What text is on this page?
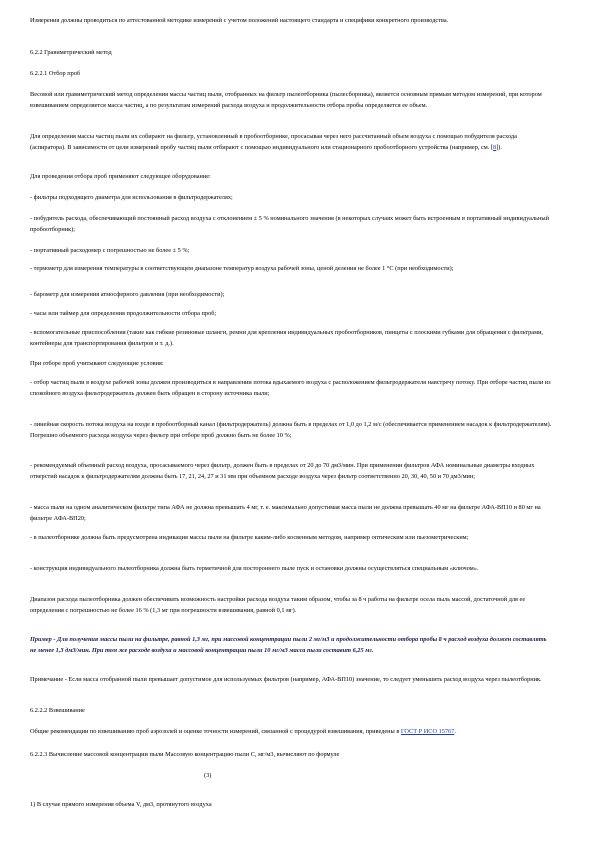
Измерения должны проводиться по аттестованной методике измерений с учетом положений настоящего стандарта и специфики конкретного производства.

6.2.2 Гравиметрический метод

6.2.2.1 Отбор проб

Весовой или гравиметрический метод определения массы частиц пыли, отобранных на фильтр пылеотборника (пылесборника), является основным прямым методом измерений, при котором взвешиванием определяется масса частиц, а по результатам измерений расхода воздуха и продолжительности отбора пробы определяется ее объем.

Для определения массы частиц пыли их собирают на фильтр, установленный в пробоотборнике, просасывая через него рассчитанный объем воздуха с помощью побудителя расхода (аспиратора). В зависимости от цели измерений пробу частиц пыли отбирают с помощью индивидуального или стационарного пробоотборного устройства (например, см. [8]).

Для проведения отбора проб применяют следующее оборудование:

- фильтры подходящего диаметра для использования в фильтродержателях;

- побудитель расхода, обеспечивающий постоянный расход воздуха с отклонением ± 5 % номинального значения (в некоторых случаях может быть встроенным в портативный индивидуальный пробоотборник);

- портативный расходомер с погрешностью не более ± 5 %;

- термометр для измерения температуры в соответствующем диапазоне температур воздуха рабочей зоны, ценой деления не более 1 °С (при необходимости);

- барометр для измерения атмосферного давления (при необходимости);

- часы или таймер для определения продолжительности отбора проб;

- вспомогательные приспособления (такие как гибкие резиновые шланги, ремни для крепления индивидуальных пробоотборников, пинцеты с плоскими губками для обращения с фильтрами, контейнеры для транспортирования фильтров и т. д.).

При отборе проб учитывают следующие условия:

- отбор частиц пыли в воздухе рабочей зоны должен производиться в направлении потока вдыхаемого воздуха с расположением фильтродержателя навстречу потоку. При отборе частиц пыли из спокойного воздуха фильтродержатель должен быть обращен в сторону источника пыли;

- линейная скорость потока воздуха на входе в пробоотборный канал (фильтродержатель) должна быть в пределах от 1,0 до 1,2 м/с (обеспечивается применением насадок к фильтродержателям). Погрешно объемного расхода воздуха через фильтр при отборе проб должно быть не более 10 %;

- рекомендуемый объемный расход воздуха, просасываемого через фильтр, должен быть в пределах от 20 до 70 дм3/мин. При применении фильтров АФА номинальные диаметры входных отверстий насадок к фильтродержателям должны быть 17, 21, 24, 27 и 31 мм при объемном расходе воздуха через фильтр соответственно 20, 30, 40, 50 и 70 дм3/мин;

- масса пыли на одном аналитическом фильтре типа АФА не должна превышать 4 мг, т. е. максимально допустимая масса пыли не должна превышать 40 мг на фильтре АФА-ВП10 и 80 мг на фильтре АФА-ВП20;

- в пылеотборнике должна быть предусмотрена индикация массы пыли на фильтре каким-либо косвенным методом, например оптическим или пьезометрическим;

- конструкция индивидуального пылеотборника должна быть герметичной для постороннего пыле пуск и остановки должны осуществляться специальным «ключом».

Диапазон расхода пылеотборника должен обеспечивать возможность настройки расхода воздуха таким образом, чтобы за 8 ч работы на фильтре осела пыль массой, достаточной для ее определения с погрешностью не более 16 % (1,3 мг при погрешности взвешивания, равной 0,1 мг).

Пример - Для получения массы пыли на фильтре, равной 1,3 мг, при массовой концентрации пыли 2 мг/м3 и продолжительности отбора пробы 8 ч расход воздуха должен составлять не менее 1,3 дм3/мин. При том же расходе воздуха и массовой концентрации пыли 10 мг/м3 масса пыли составит 6,25 мг.

Примечание - Если масса отобранной пыли превышает допустимое для используемых фильтров (например, АФА-ВП10) значение, то следует уменьшить расход воздуха через пылеотборник.

6.2.2.2 Взвешивание

Общие рекомендации по взвешиванию проб аэрозолей и оценке точности измерений, связанной с процедурой взвешивания, приведены в ГОСТ Р ИСО 15767.

6.2.2.3 Вычисление массовой концентрации пыли Массовую концентрацию пыли С, мг/м3, вычисляют по формуле

(3)

1) В случае прямого измерения объема V, дм3, протянутого воздуха
